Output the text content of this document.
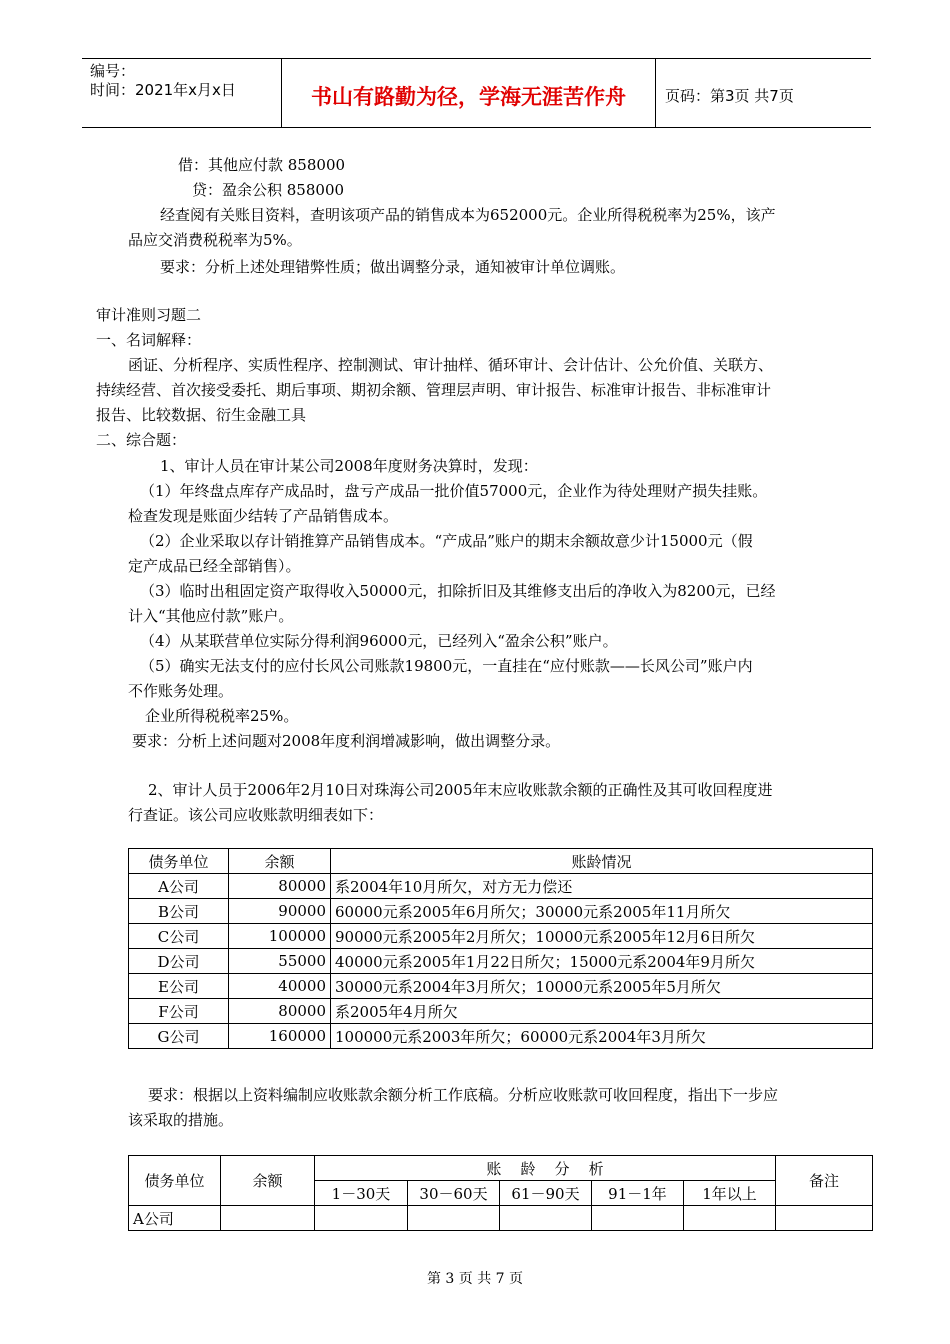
编号：
时间：2021年x月x日	书山有路勤为径，学海无涯苦作舟	页码：第3页 共7页
借：其他应付款 858000
贷：盈余公积 858000
经查阅有关账目资料，查明该项产品的销售成本为652000元。企业所得税税率为25%，该产
品应交消费税税率为5%。
要求：分析上述处理错弊性质；做出调整分录，通知被审计单位调账。
审计准则习题二
一、名词解释：
函证、分析程序、实质性程序、控制测试、审计抽样、循环审计、会计估计、公允价值、关联方、
持续经营、首次接受委托、期后事项、期初余额、管理层声明、审计报告、标准审计报告、非标准审计
报告、比较数据、衍生金融工具
二、综合题：
1、审计人员在审计某公司2008年度财务决算时，发现：
（1）年终盘点库存产成品时，盘亏产成品一批价值57000元，企业作为待处理财产损失挂账。
检查发现是账面少结转了产品销售成本。
（2）企业采取以存计销推算产品销售成本。“产成品”账户的期末余额故意少计15000元（假
定产成品已经全部销售）。
（3）临时出租固定资产取得收入50000元，扣除折旧及其维修支出后的净收入为8200元，已经
计入“其他应付款”账户。
（4）从某联营单位实际分得利润96000元，已经列入“盈余公积”账户。
（5）确实无法支付的应付长风公司账款19800元，一直挂在“应付账款——长风公司”账户内
不作账务处理。
企业所得税税率25%。
要求：分析上述问题对2008年度利润增减影响，做出调整分录。
2、审计人员于2006年2月10日对珠海公司2005年末应收账款余额的正确性及其可收回程度进
行查证。该公司应收账款明细表如下：
债务单位	余额	账龄情况
A公司	80000	系2004年10月所欠，对方无力偿还
B公司	90000	60000元系2005年6月所欠；30000元系2005年11月所欠
C公司	100000	90000元系2005年2月所欠；10000元系2005年12月6日所欠
D公司	55000	40000元系2005年1月22日所欠；15000元系2004年9月所欠
E公司	40000	30000元系2004年3月所欠；10000元系2005年5月所欠
F公司	80000	系2005年4月所欠
G公司	160000	100000元系2003年所欠；60000元系2004年3月所欠
要求：根据以上资料编制应收账款余额分析工作底稿。分析应收账款可收回程度，指出下一步应
该采取的措施。
债务单位	余额	账    龄    分    析					备注
		1－30天	30－60天	61－90天	91－1年	1年以上	
A公司							
第 3 页 共 7 页
